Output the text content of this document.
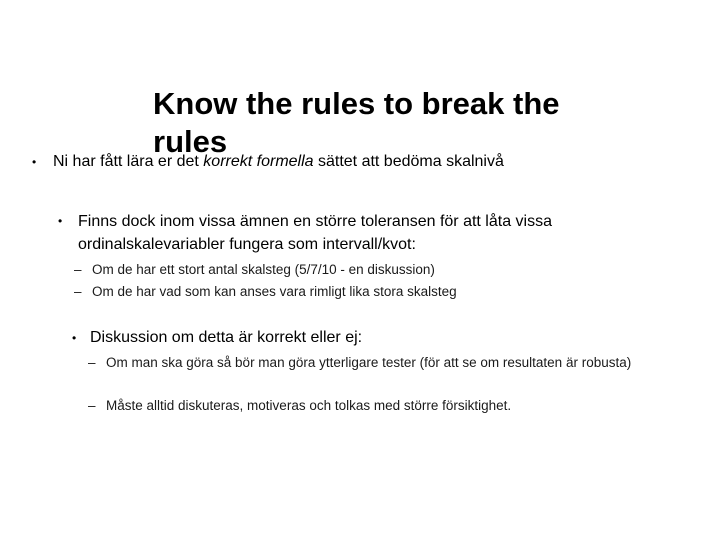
Know the rules to break the rules
• Ni har fått lära er det korrekt formella sättet att bedöma skalnivå
• Finns dock inom vissa ämnen en större toleransen för att låta vissa ordinalskalevariabler fungera som intervall/kvot:
– Om de har ett stort antal skalsteg (5/7/10 - en diskussion)
– Om de har vad som kan anses vara rimligt lika stora skalsteg
• Diskussion om detta är korrekt eller ej:
– Om man ska göra så bör man göra ytterligare tester (för att se om resultaten är robusta)
– Måste alltid diskuteras, motiveras och tolkas med större försiktighet.
